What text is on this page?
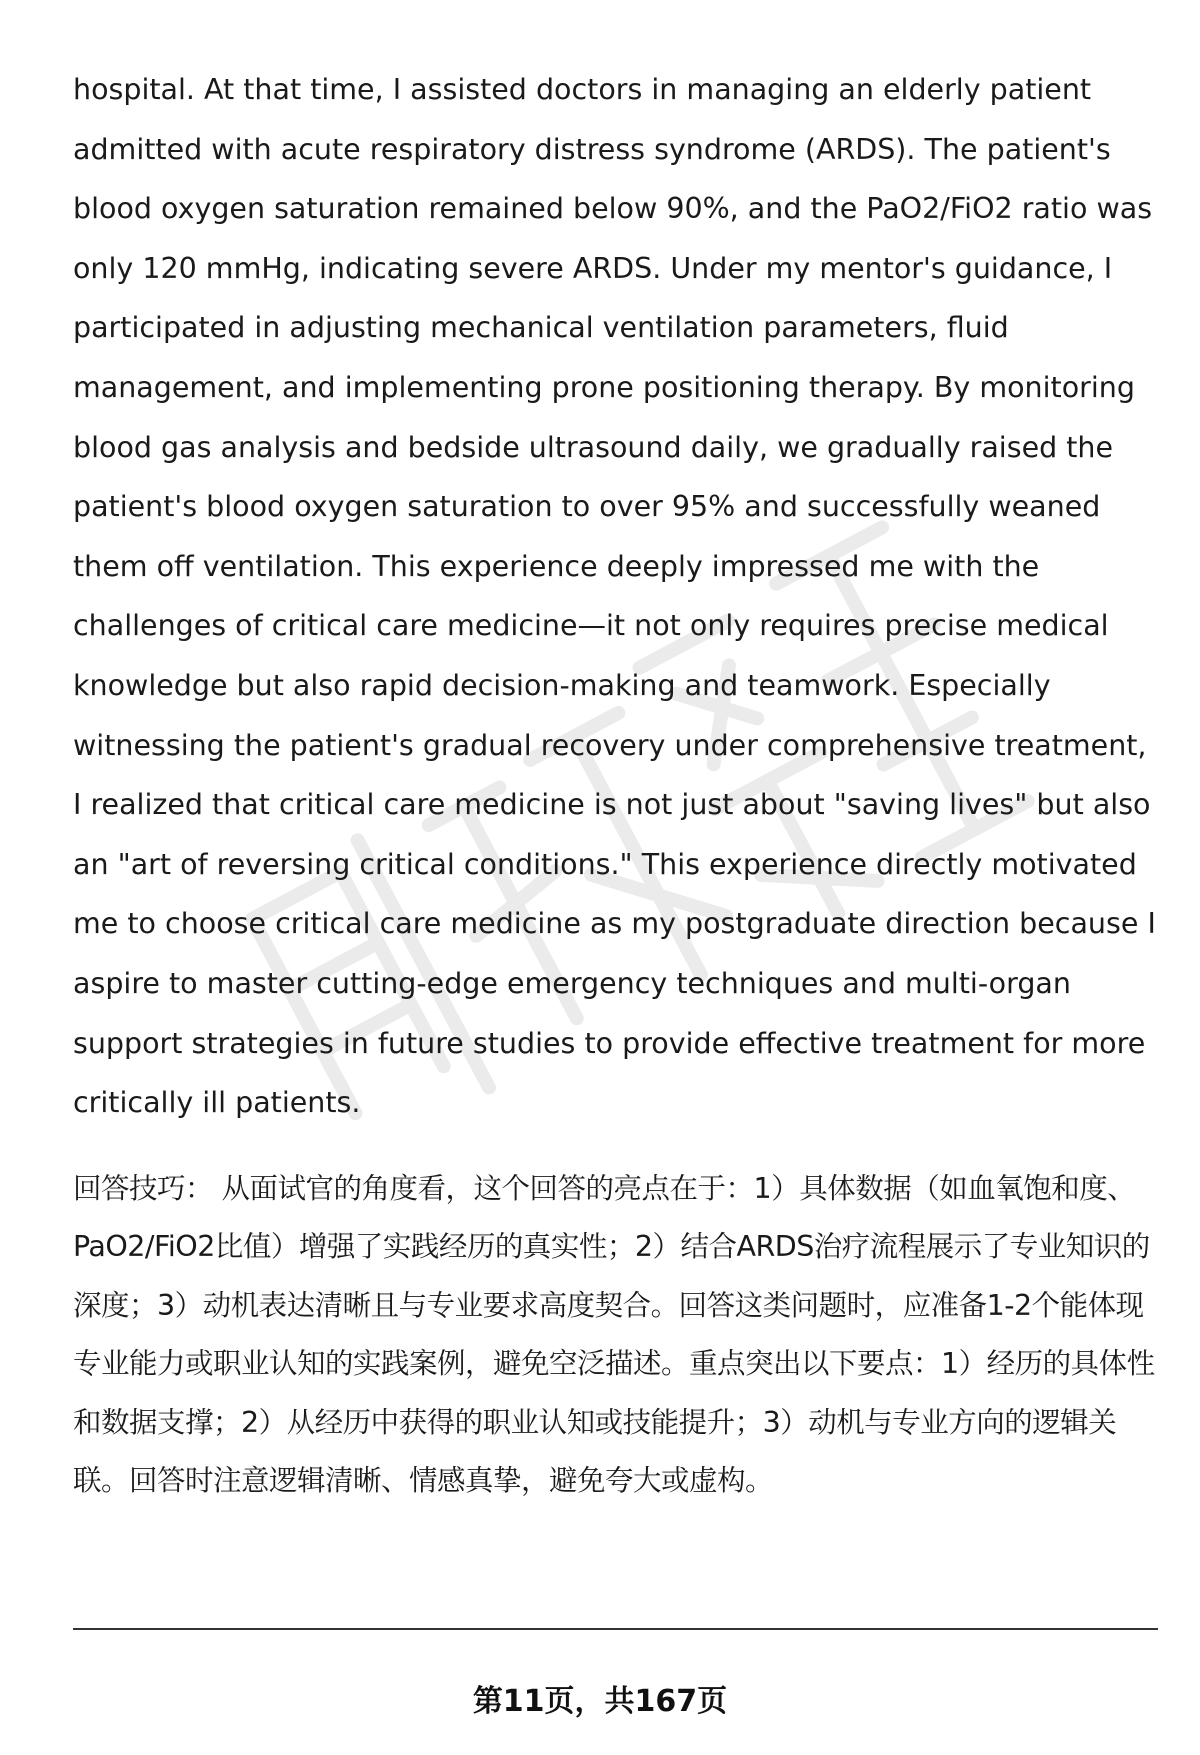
hospital. At that time, I assisted doctors in managing an elderly patient admitted with acute respiratory distress syndrome (ARDS). The patient's blood oxygen saturation remained below 90%, and the PaO2/FiO2 ratio was only 120 mmHg, indicating severe ARDS. Under my mentor's guidance, I participated in adjusting mechanical ventilation parameters, fluid management, and implementing prone positioning therapy. By monitoring blood gas analysis and bedside ultrasound daily, we gradually raised the patient's blood oxygen saturation to over 95% and successfully weaned them off ventilation. This experience deeply impressed me with the challenges of critical care medicine—it not only requires precise medical knowledge but also rapid decision-making and teamwork. Especially witnessing the patient's gradual recovery under comprehensive treatment, I realized that critical care medicine is not just about "saving lives" but also an "art of reversing critical conditions." This experience directly motivated me to choose critical care medicine as my postgraduate direction because I aspire to master cutting-edge emergency techniques and multi-organ support strategies in future studies to provide effective treatment for more critically ill patients.

回答技巧： 从面试官的角度看，这个回答的亮点在于：1）具体数据（如血氧饱和度、PaO2/FiO2比值）增强了实践经历的真实性；2）结合ARDS治疗流程展示了专业知识的深度；3）动机表达清晰且与专业要求高度契合。回答这类问题时，应准备1-2个能体现专业能力或职业认知的实践案例，避免空泛描述。重点突出以下要点：1）经历的具体性和数据支撑；2）从经历中获得的职业认知或技能提升；3）动机与专业方向的逻辑关联。回答时注意逻辑清晰、情感真挚，避免夸大或虚构。

第11页，共167页
